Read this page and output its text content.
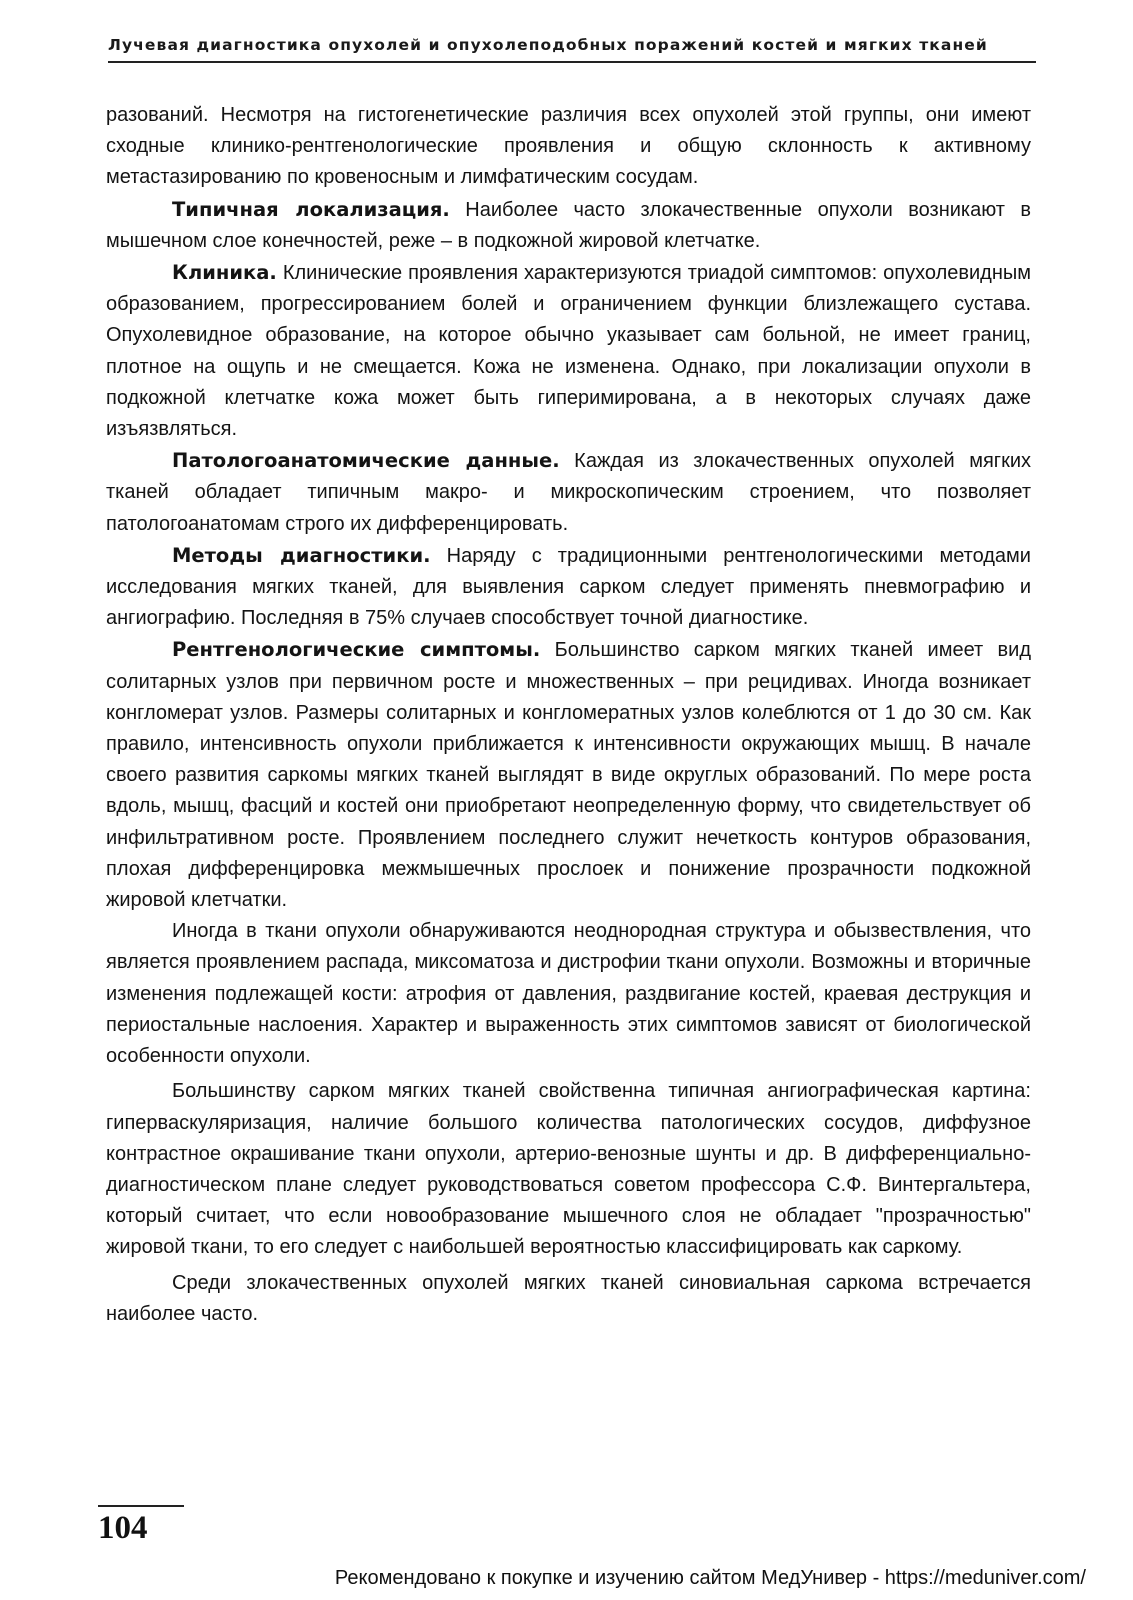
Лучевая диагностика опухолей и опухолеподобных поражений костей и мягких тканей

разований. Несмотря на гистогенетические различия всех опухолей этой группы, они имеют сходные клинико-рентгенологические проявления и общую склонность к активному метастазированию по кровеносным и лимфатическим сосудам.

Типичная локализация. Наиболее часто злокачественные опухоли возникают в мышечном слое конечностей, реже – в подкожной жировой клетчатке.

Клиника. Клинические проявления характеризуются триадой симптомов: опухолевидным образованием, прогрессированием болей и ограничением функции близлежащего сустава. Опухолевидное образование, на которое обычно указывает сам больной, не имеет границ, плотное на ощупь и не смещается. Кожа не изменена. Однако, при локализации опухоли в подкожной клетчатке кожа может быть гиперимирована, а в некоторых случаях даже изъязвляться.

Патологоанатомические данные. Каждая из злокачественных опухолей мягких тканей обладает типичным макро- и микроскопическим строением, что позволяет патологоанатомам строго их дифференцировать.

Методы диагностики. Наряду с традиционными рентгенологическими методами исследования мягких тканей, для выявления сарком следует применять пневмографию и ангиографию. Последняя в 75% случаев способствует точной диагностике.

Рентгенологические симптомы. Большинство сарком мягких тканей имеет вид солитарных узлов при первичном росте и множественных – при рецидивах. Иногда возникает конгломерат узлов. Размеры солитарных и конгломератных узлов колеблются от 1 до 30 см. Как правило, интенсивность опухоли приближается к интенсивности окружающих мышц. В начале своего развития саркомы мягких тканей выглядят в виде округлых образований. По мере роста вдоль, мышц, фасций и костей они приобретают неопределенную форму, что свидетельствует об инфильтративном росте. Проявлением последнего служит нечеткость контуров образования, плохая дифференцировка межмышечных прослоек и понижение прозрачности подкожной жировой клетчатки.

Иногда в ткани опухоли обнаруживаются неоднородная структура и обызвествления, что является проявлением распада, миксоматоза и дистрофии ткани опухоли. Возможны и вторичные изменения подлежащей кости: атрофия от давления, раздвигание костей, краевая деструкция и периостальные наслоения. Характер и выраженность этих симптомов зависят от биологической особенности опухоли.

Большинству сарком мягких тканей свойственна типичная ангиографическая картина: гиперваскуляризация, наличие большого количества патологических сосудов, диффузное контрастное окрашивание ткани опухоли, артерио-венозные шунты и др. В дифференциально-диагностическом плане следует руководствоваться советом профессора С.Ф. Винтергальтера, который считает, что если новообразование мышечного слоя не обладает "прозрачностью" жировой ткани, то его следует с наибольшей вероятностью классифицировать как саркому.

Среди злокачественных опухолей мягких тканей синовиальная саркома встречается наиболее часто.

104
Рекомендовано к покупке и изучению сайтом МедУнивер - https://meduniver.com/
